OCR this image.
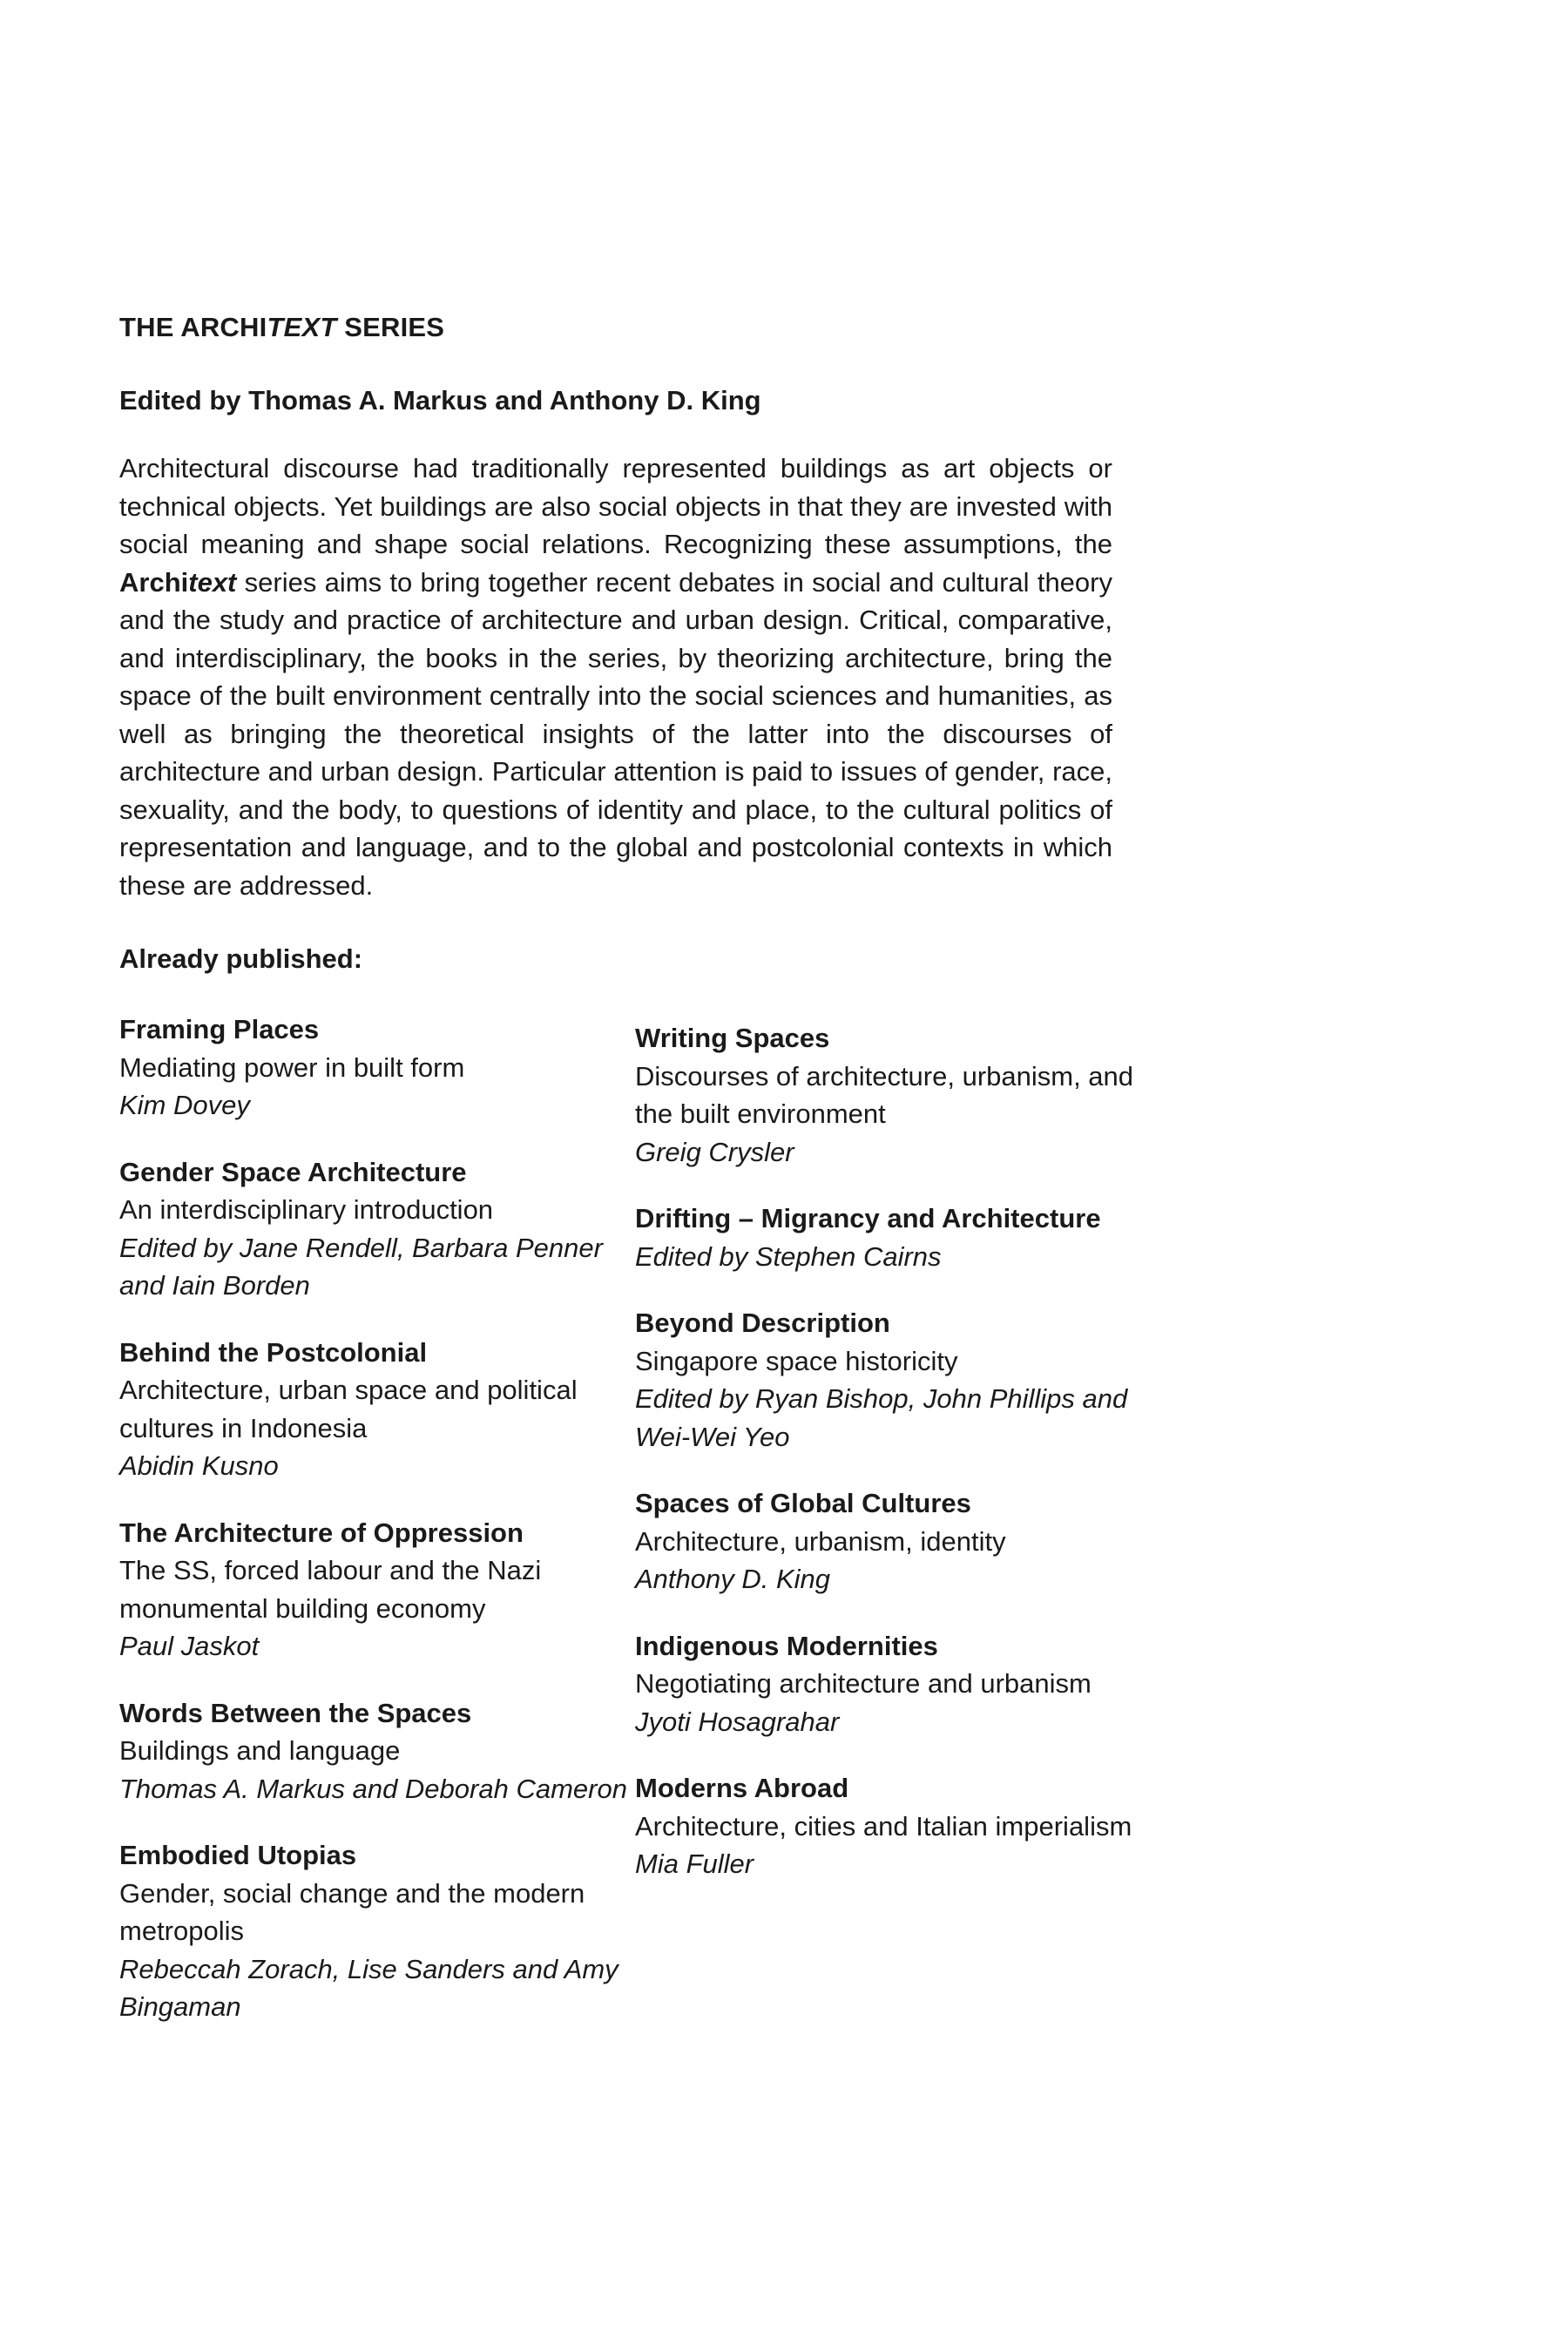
THE ARCHITEXT SERIES

Edited by Thomas A. Markus and Anthony D. King

Architectural discourse had traditionally represented buildings as art objects or technical objects. Yet buildings are also social objects in that they are invested with social meaning and shape social relations. Recognizing these assumptions, the Architext series aims to bring together recent debates in social and cultural theory and the study and practice of architecture and urban design. Critical, comparative, and interdisciplinary, the books in the series, by theorizing architecture, bring the space of the built environment centrally into the social sciences and humanities, as well as bringing the theoretical insights of the latter into the discourses of architecture and urban design. Particular attention is paid to issues of gender, race, sexuality, and the body, to questions of identity and place, to the cultural politics of representation and language, and to the global and postcolonial contexts in which these are addressed.

Already published:

Framing Places
Mediating power in built form
Kim Dovey
Gender Space Architecture
An interdisciplinary introduction
Edited by Jane Rendell, Barbara Penner and Iain Borden
Behind the Postcolonial
Architecture, urban space and political cultures in Indonesia
Abidin Kusno
The Architecture of Oppression
The SS, forced labour and the Nazi monumental building economy
Paul Jaskot
Words Between the Spaces
Buildings and language
Thomas A. Markus and Deborah Cameron
Embodied Utopias
Gender, social change and the modern metropolis
Rebeccah Zorach, Lise Sanders and Amy Bingaman
Writing Spaces
Discourses of architecture, urbanism, and the built environment
Greig Crysler
Drifting – Migrancy and Architecture
Edited by Stephen Cairns
Beyond Description
Singapore space historicity
Edited by Ryan Bishop, John Phillips and Wei-Wei Yeo
Spaces of Global Cultures
Architecture, urbanism, identity
Anthony D. King
Indigenous Modernities
Negotiating architecture and urbanism
Jyoti Hosagrahar
Moderns Abroad
Architecture, cities and Italian imperialism
Mia Fuller
